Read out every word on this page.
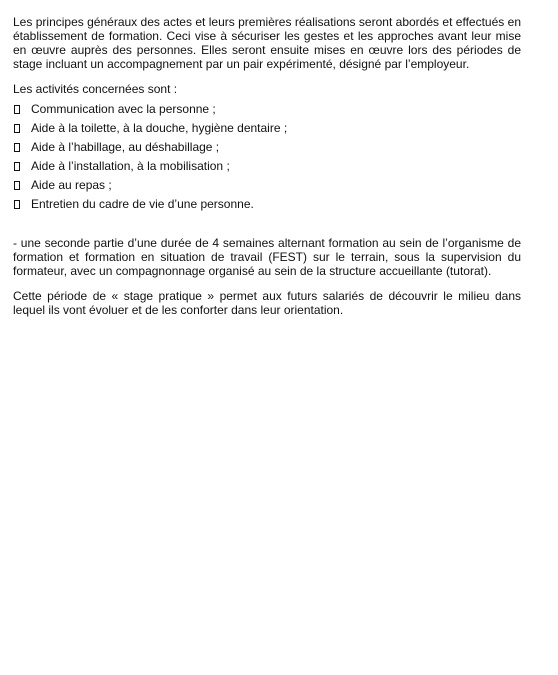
Les principes généraux des actes et leurs premières réalisations seront abordés et effectués en établissement de formation. Ceci vise à sécuriser les gestes et les approches avant leur mise en œuvre auprès des personnes. Elles seront ensuite mises en œuvre lors des périodes de stage incluant un accompagnement par un pair expérimenté, désigné par l’employeur.

Les activités concernées sont :

Communication avec la personne ;
Aide à la toilette, à la douche, hygiène dentaire ;
Aide à l’habillage, au déshabillage ;
Aide à l’installation, à la mobilisation ;
Aide au repas ;
Entretien du cadre de vie d’une personne.

- une seconde partie d’une durée de 4 semaines alternant formation au sein de l’organisme de formation et formation en situation de travail (FEST) sur le terrain, sous la supervision du formateur, avec un compagnonnage organisé au sein de la structure accueillante (tutorat).

Cette période de « stage pratique » permet aux futurs salariés de découvrir le milieu dans lequel ils vont évoluer et de les conforter dans leur orientation.
